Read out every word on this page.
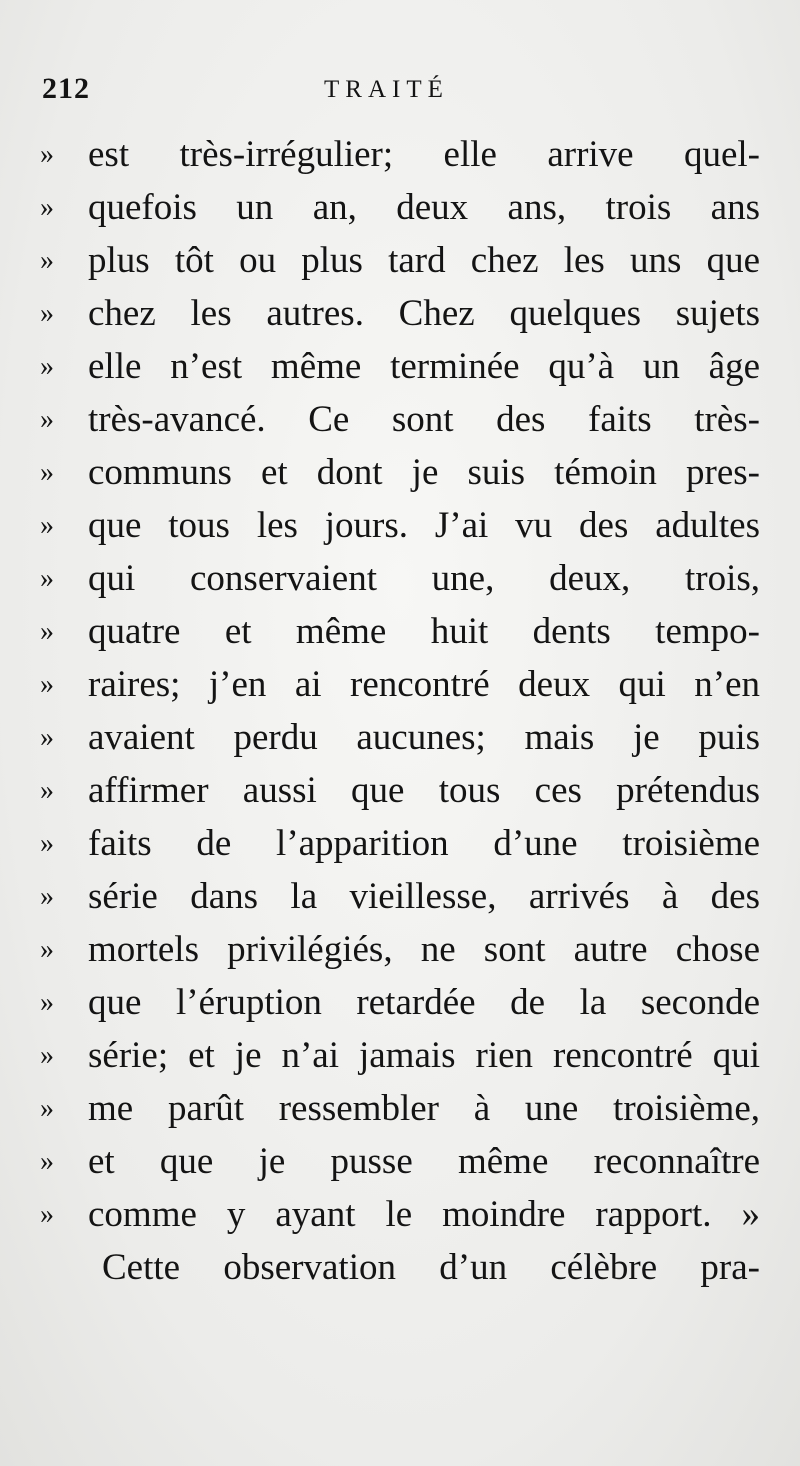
212	TRAITÉ
» est très-irrégulier; elle arrive quel-
» quefois un an, deux ans, trois ans
» plus tôt ou plus tard chez les uns que
» chez les autres. Chez quelques sujets
» elle n’est même terminée qu’à un âge
» très-avancé. Ce sont des faits très-
» communs et dont je suis témoin pres-
» que tous les jours. J’ai vu des adultes
» qui conservaient une, deux, trois,
» quatre et même huit dents tempo-
» raires; j’en ai rencontré deux qui n’en
» avaient perdu aucunes; mais je puis
» affirmer aussi que tous ces prétendus
» faits de l’apparition d’une troisième
» série dans la vieillesse, arrivés à des
» mortels privilégiés, ne sont autre chose
» que l’éruption retardée de la seconde
» série; et je n’ai jamais rien rencontré qui
» me parût ressembler à une troisième,
» et que je pusse même reconnaître
» comme y ayant le moindre rapport. »
Cette observation d’un célèbre pra-
